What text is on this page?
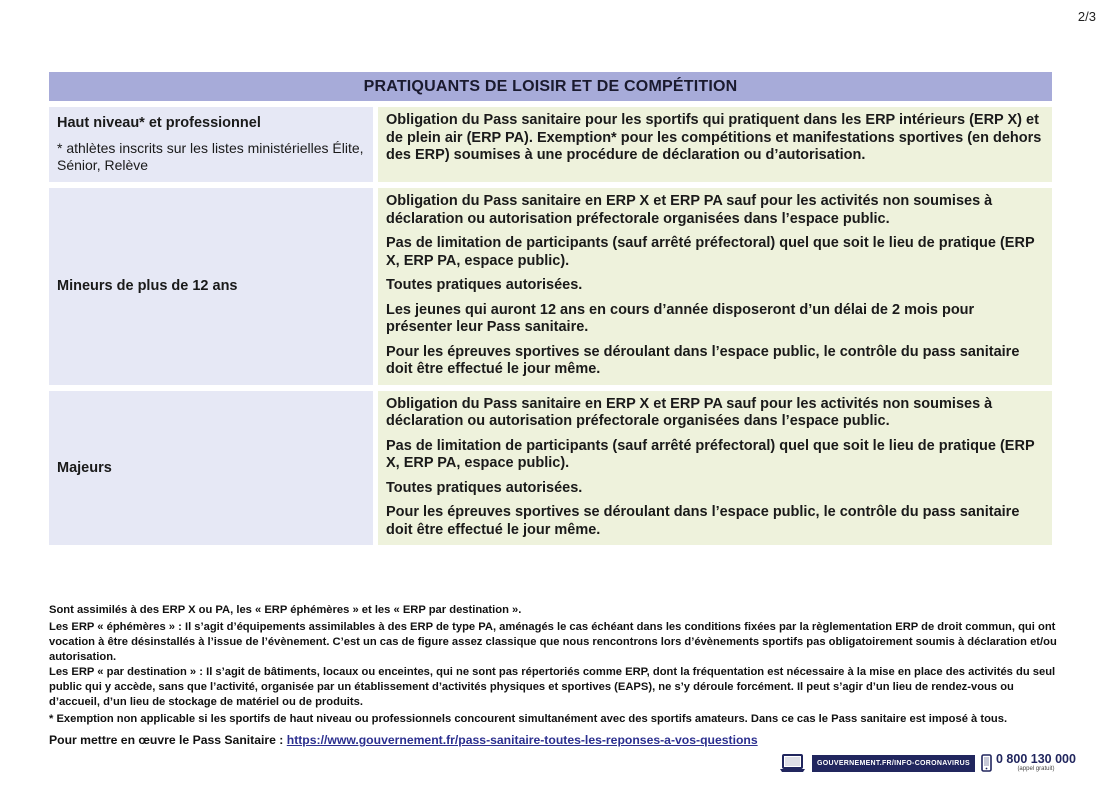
2/3
PRATIQUANTS DE LOISIR ET DE COMPÉTITION
Haut niveau* et professionnel
* athlètes inscrits sur les listes ministérielles Élite, Sénior, Relève

Obligation du Pass sanitaire pour les sportifs qui pratiquent dans les ERP intérieurs (ERP X) et de plein air (ERP PA). Exemption* pour les compétitions et manifestations sportives (en dehors des ERP) soumises à une procédure de déclaration ou d’autorisation.

Mineurs de plus de 12 ans

Obligation du Pass sanitaire en ERP X et ERP PA sauf pour les activités non soumises à déclaration ou autorisation préfectorale organisées dans l’espace public.

Pas de limitation de participants (sauf arrêté préfectoral) quel que soit le lieu de pratique (ERP X, ERP PA, espace public).

Toutes pratiques autorisées.

Les jeunes qui auront 12 ans en cours d’année disposeront d’un délai de 2 mois pour présenter leur Pass sanitaire.

Pour les épreuves sportives se déroulant dans l’espace public, le contrôle du pass sanitaire doit être effectué le jour même.

Majeurs

Obligation du Pass sanitaire en ERP X et ERP PA sauf pour les activités non soumises à déclaration ou autorisation préfectorale organisées dans l’espace public.

Pas de limitation de participants (sauf arrêté préfectoral) quel que soit le lieu de pratique (ERP X, ERP PA, espace public).

Toutes pratiques autorisées.

Pour les épreuves sportives se déroulant dans l’espace public, le contrôle du pass sanitaire doit être effectué le jour même.

Sont assimilés à des ERP X ou PA, les « ERP éphémères » et les « ERP par destination ».

Les ERP « éphémères » : Il s’agit d’équipements assimilables à des ERP de type PA, aménagés le cas échéant dans les conditions fixées par la règlementation ERP de droit commun, qui ont vocation à être désinstallés à l’issue de l’évènement. C’est un cas de figure assez classique que nous rencontrons lors d’évènements sportifs pas obligatoirement soumis à déclaration et/ou autorisation.

Les ERP « par destination » : Il s’agit de bâtiments, locaux ou enceintes, qui ne sont pas répertoriés comme ERP, dont la fréquentation est nécessaire à la mise en place des activités du seul public qui y accède, sans que l’activité, organisée par un établissement d’activités physiques et sportives (EAPS), ne s’y déroule forcément. Il peut s’agir d’un lieu de rendez-vous ou d’accueil, d’un lieu de stockage de matériel ou de produits.

* Exemption non applicable si les sportifs de haut niveau ou professionnels concourent simultanément avec des sportifs amateurs. Dans ce cas le Pass sanitaire est imposé à tous.

Pour mettre en œuvre le Pass Sanitaire : https://www.gouvernement.fr/pass-sanitaire-toutes-les-reponses-a-vos-questions

GOUVERNEMENT.FR/INFO-CORONAVIRUS	0 800 130 000
(appel gratuit)
